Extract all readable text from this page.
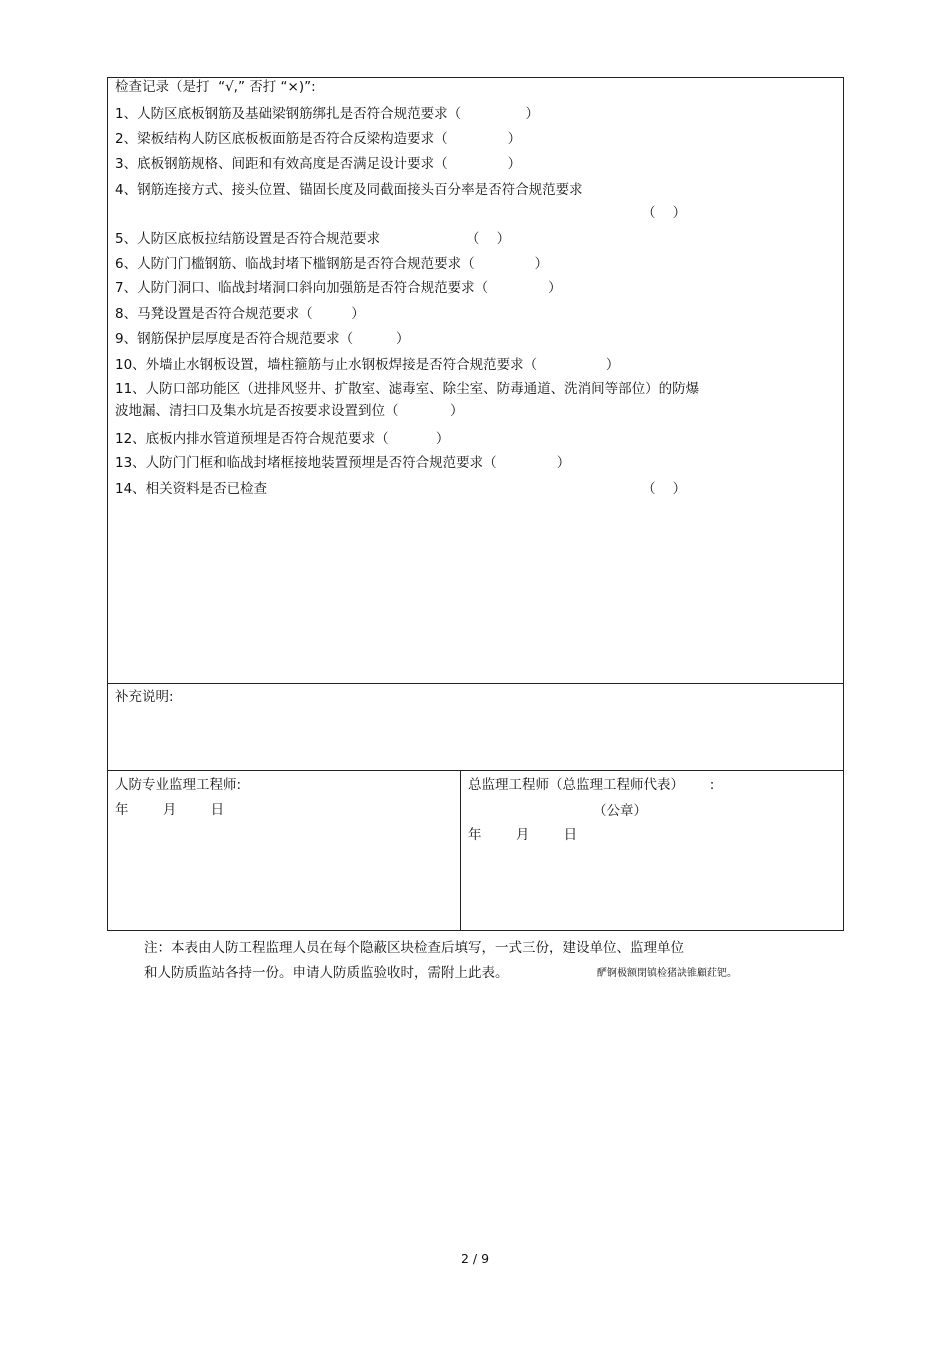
检查记录（是打  “√,” 否打 “×)”:
1、人防区底板钢筋及基础梁钢筋绑扎是否符合规范要求（               ）
2、梁板结构人防区底板板面筋是否符合反梁构造要求（              ）
3、底板钢筋规格、间距和有效高度是否满足设计要求（              ）
4、钢筋连接方式、接头位置、锚固长度及同截面接头百分率是否符合规范要求
（    ）
5、人防区底板拉结筋设置是否符合规范要求                    （    ）
6、人防门门槛钢筋、临战封堵下槛钢筋是否符合规范要求（              ）
7、人防门洞口、临战封堵洞口斜向加强筋是否符合规范要求（              ）
8、马凳设置是否符合规范要求（         ）
9、钢筋保护层厚度是否符合规范要求（          ）
10、外墙止水钢板设置，墙柱箍筋与止水钢板焊接是否符合规范要求（                ）
11、人防口部功能区（进排风竖井、扩散室、滤毒室、除尘室、防毒通道、洗消间等部位）的防爆
波地漏、清扫口及集水坑是否按要求设置到位（            ）
12、底板内排水管道预埋是否符合规范要求（           ）
13、人防门门框和临战封堵框接地装置预埋是否符合规范要求（              ）
14、相关资料是否已检查	（    ）
补充说明:
人防专业监理工程师:
年        月        日
总监理工程师（总监理工程师代表）      :
（公章）
年        月        日
注：本表由人防工程监理人员在每个隐蔽区块检查后填写，一式三份，建设单位、监理单位
和人防质监站各持一份。申请人防质监验收时，需附上此表。	酽锕极额閉镇检猪訣锥顧荭钯。
2 / 9
